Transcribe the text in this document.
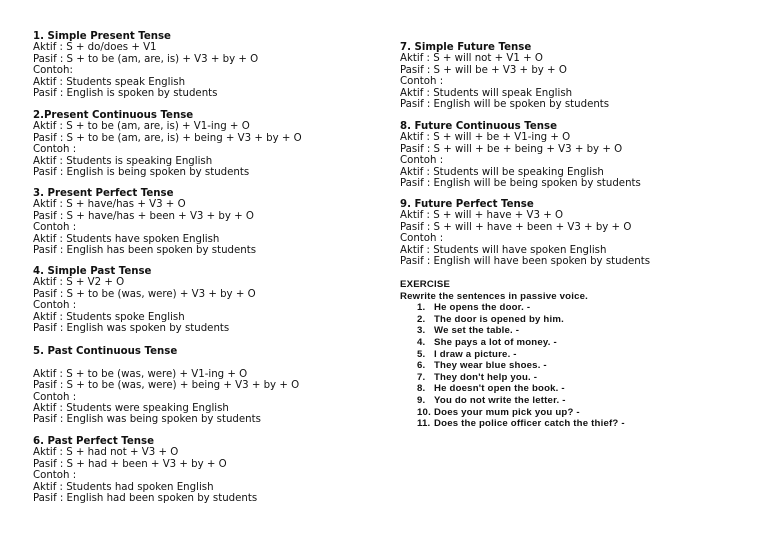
1. Simple Present Tense
Aktif : S + do/does + V1
Pasif : S + to be (am, are, is) + V3 + by + O
Contoh:
Aktif : Students speak English
Pasif : English is spoken by students
2.Present Continuous Tense
Aktif : S + to be (am, are, is) + V1-ing + O
Pasif : S + to be (am, are, is) + being + V3 + by + O
Contoh :
Aktif : Students is speaking English
Pasif : English is being spoken by students
3. Present Perfect Tense
Aktif : S + have/has + V3 + O
Pasif : S + have/has + been + V3 + by + O
Contoh :
Aktif : Students have spoken English
Pasif : English has been spoken by students
4. Simple Past Tense
Aktif : S + V2 + O
Pasif : S + to be (was, were) + V3 + by + O
Contoh :
Aktif : Students spoke English
Pasif : English was spoken by students
5. Past Continuous Tense
Aktif : S + to be (was, were) + V1-ing + O
Pasif : S + to be (was, were) + being + V3 + by + O
Contoh :
Aktif : Students were speaking English
Pasif : English was being spoken by students
6. Past Perfect Tense
Aktif : S + had not + V3 + O
Pasif : S + had + been + V3 + by + O
Contoh :
Aktif : Students had spoken English
Pasif : English had been spoken by students
7. Simple Future Tense
Aktif : S + will not + V1 + O
Pasif : S + will be + V3 + by + O
Contoh :
Aktif : Students will speak English
Pasif : English will be spoken by students
8. Future Continuous Tense
Aktif : S + will + be + V1-ing + O
Pasif : S + will + be + being + V3 + by + O
Contoh :
Aktif : Students will be speaking English
Pasif : English will be being spoken by students
9. Future Perfect Tense
Aktif : S + will + have + V3 + O
Pasif : S + will + have + been + V3 + by + O
Contoh :
Aktif : Students will have spoken English
Pasif : English will have been spoken by students
EXERCISE
Rewrite the sentences in passive voice.
1. He opens the door. -
2. The door is opened by him.
3. We set the table. -
4. She pays a lot of money. -
5. I draw a picture. -
6. They wear blue shoes. -
7. They don't help you. -
8. He doesn't open the book. -
9. You do not write the letter. -
10. Does your mum pick you up? -
11. Does the police officer catch the thief? -
